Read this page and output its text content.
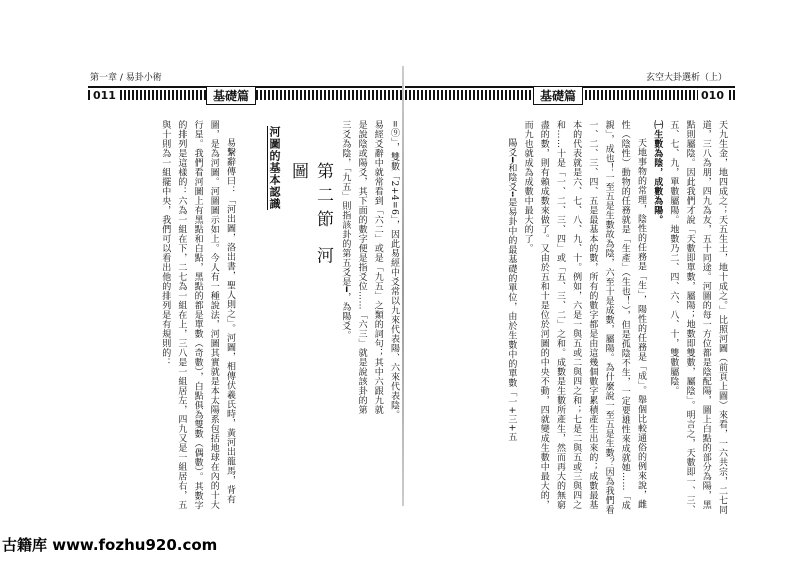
第一章 / 易卦小術
011	基礎篇

易繫辭傳曰：「河出圖，洛出書，聖人則之」。河圖，相傳伏羲氏時，黃河出龍馬，背有圖，是為河圖。河圖圖示如上。今人有一種說法，河圖其實就是本太陽系包括地球在內的十大行星。我們看河圖上有黑點和白點，黑點的都是單數（奇數），白點俱為雙數（偶數）。其數字的排列是這樣的：六為一組在下，二七為一組在上，三八是一組居左，四九又是一組居右，五與十則為一組擺中央，我們可以看出他的排列是有規則的：	河圖的基本認識	第二節 河 圖	=⑨」，雙數「2+4=6」，因此易經中爻常以九來代表陽、六來代表陰。易經爻辭中就常看到「六二」或是「九五」之類的詞句；其中六跟九就是說陰或陽爻，其下面的數字便是指爻位……「六三」就是說該卦的第三爻為陰，「九五」則指該卦的第五爻是━，為陽爻。

玄空大卦選析（上）
基礎篇	010

天九生金，地四成之；天五生土，地十成之。」比照河圖（前頁上圖）來看，一六共宗，二七同道，三八為朋，四九為友，五十同途。河圖的每一方位都是陰配陽，圖上白點的部分為陽，黑點則屬陰。因此我們才說「天數即單數，屬陽；地數即雙數，屬陰」。明言之，天數即一、三、五、七、九，單數屬陽。地數乃二、四、六、八、十，雙數屬陰。

㈠生數為陰，成數為陽。

天地事物的常理，陰性的任務是「生」，陽性的任務是「成」。舉個比較通俗的例來說，雌性（陰性）動物的任務就是「生產」（生也！），但是孤陰不生，一定要雄性來成就她……「成親」，成也！一至五是生數故為陰，六至十是成數，屬陽。為什麼說一至五是生數？因為我們看一、二、三、四、五是最基本的數，所有的數字都是由這幾個數字累積產生出來的；成數最基本的代表就是六、七、八、九、十。例如，六是一與五或二與四之和；七是二與五或三與四之和……十是「一、二、三、四」或「五、三、二」之和。成數是生數所產生，然而再大的無窮盡的數，則有賴成數來做了。又由於五和十是位於河圖的中央不動，四就變成生數中最大的，而九也就成為成數中最大的了。

陽爻━和陰爻╍是易卦中的最基礎的單位，由於生數中的單數「一+三+五

古籍库 www.fozhu920.com
